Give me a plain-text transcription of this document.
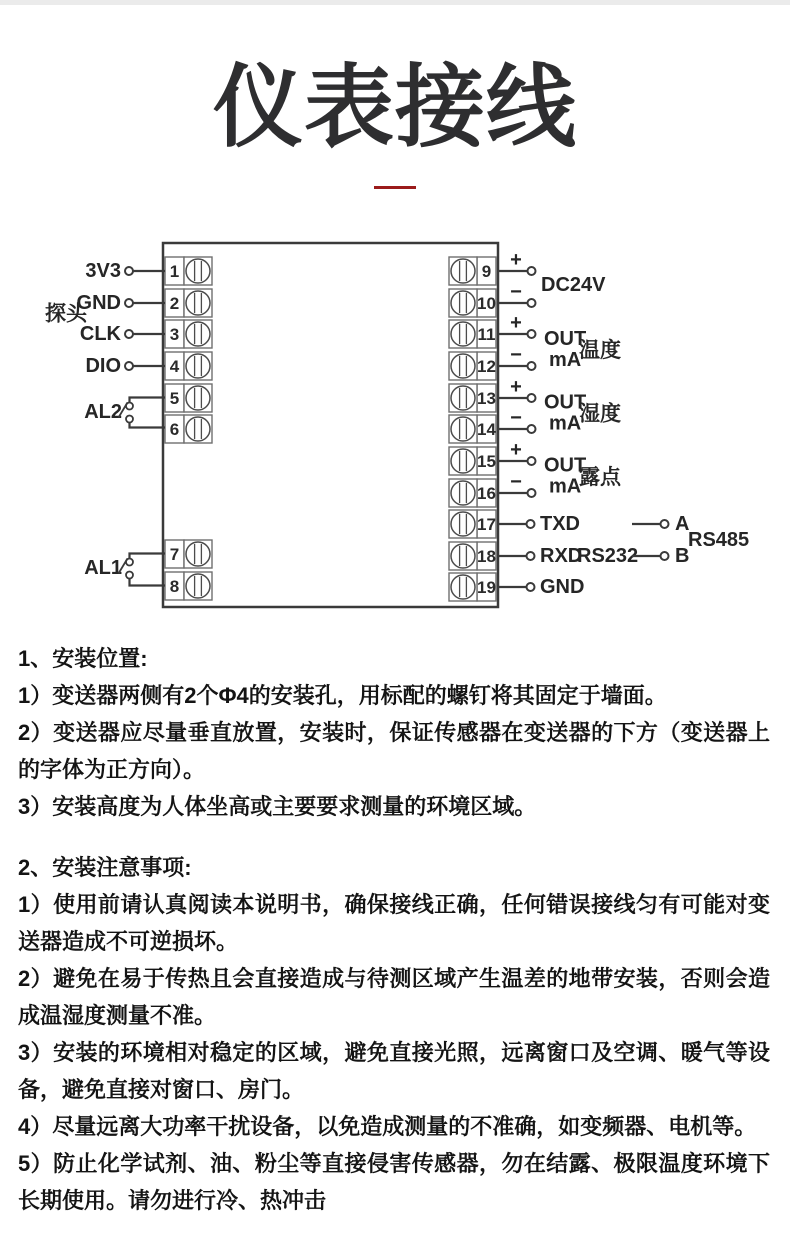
仪表接线
1
2
3
4
5
6
7
8
9
10
11
12
13
14
15
16
17
18
19
3V3
GND
CLK
DIO
探头
AL2
AL1
+
− DC24V
+
−
OUT
mA
温度
+
−
OUT
mA
湿度
+
−
OUT
mA
露点
TXD
RXD
RS232
GND
A
B
RS485

1、安装位置:

1）变送器两侧有2个Φ4的安装孔，用标配的螺钉将其固定于墙面。

2）变送器应尽量垂直放置，安装时，保证传感器在变送器的下方（变送器上的字体为正方向）。

3）安装高度为人体坐高或主要要求测量的环境区域。

2、安装注意事项:

1）使用前请认真阅读本说明书，确保接线正确，任何错误接线匀有可能对变送器造成不可逆损坏。

2）避免在易于传热且会直接造成与待测区域产生温差的地带安装，否则会造成温湿度测量不准。

3）安装的环境相对稳定的区域，避免直接光照，远离窗口及空调、暖气等设备，避免直接对窗口、房门。

4）尽量远离大功率干扰设备，以免造成测量的不准确，如变频器、电机等。

5）防止化学试剂、油、粉尘等直接侵害传感器，勿在结露、极限温度环境下长期使用。请勿进行冷、热冲击
